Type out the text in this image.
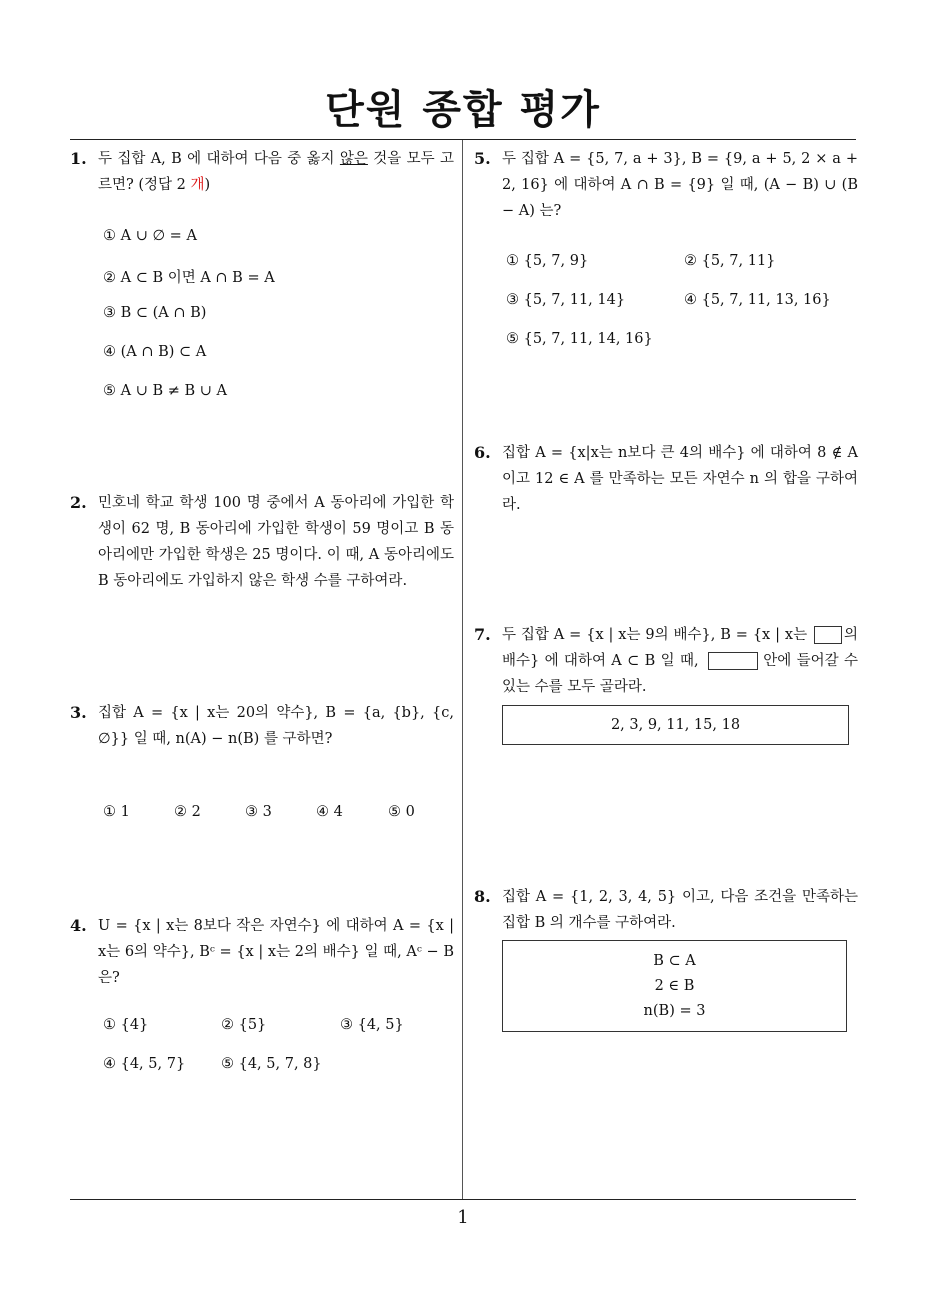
단원 종합 평가
1. 두 집합 A, B 에 대하여 다음 중 옳지 않은 것을 모두 고르면? (정답 2 개)
① A ∪ ∅ = A
② A ⊂ B 이면 A ∩ B = A
③ B ⊂ (A ∩ B)
④ (A ∩ B) ⊂ A
⑤ A ∪ B ≠ B ∪ A
2. 민호네 학교 학생 100 명 중에서 A 동아리에 가입한 학생이 62 명, B 동아리에 가입한 학생이 59 명이고 B 동아리에만 가입한 학생은 25 명이다. 이 때, A 동아리에도 B 동아리에도 가입하지 않은 학생 수를 구하여라.
3. 집합 A = {x | x는 20의 약수}, B = {a, {b}, {c, ∅}} 일 때, n(A) − n(B) 를 구하면?
① 1	② 2	③ 3	④ 4	⑤ 0
4. U = {x | x는 8보다 작은 자연수} 에 대하여 A = {x | x는 6의 약수}, Bᶜ = {x | x는 2의 배수} 일 때, Aᶜ − B 은?
① {4}	② {5}	③ {4, 5}
④ {4, 5, 7} ⑤ {4, 5, 7, 8}
5. 두 집합 A = {5, 7, a + 3}, B = {9, a + 5, 2 × a + 2, 16} 에 대하여 A ∩ B = {9} 일 때, (A − B) ∪ (B − A) 는?
① {5, 7, 9}	② {5, 7, 11}
③ {5, 7, 11, 14}	④ {5, 7, 11, 13, 16}
⑤ {5, 7, 11, 14, 16}
6. 집합 A = {x|x는 n보다 큰 4의 배수} 에 대하여 8 ∉ A 이고 12 ∈ A 를 만족하는 모든 자연수 n 의 합을 구하여라.
7. 두 집합 A = {x | x는 9의 배수}, B = {x | x는 의 배수} 에 대하여 A ⊂ B 일 때,	안에 들어갈 수 있는 수를 모두 골라라.
2, 3, 9, 11, 15, 18
8. 집합 A = {1, 2, 3, 4, 5} 이고, 다음 조건을 만족하는 집합 B 의 개수를 구하여라.
B ⊂ A
2 ∈ B
n(B) = 3
1
